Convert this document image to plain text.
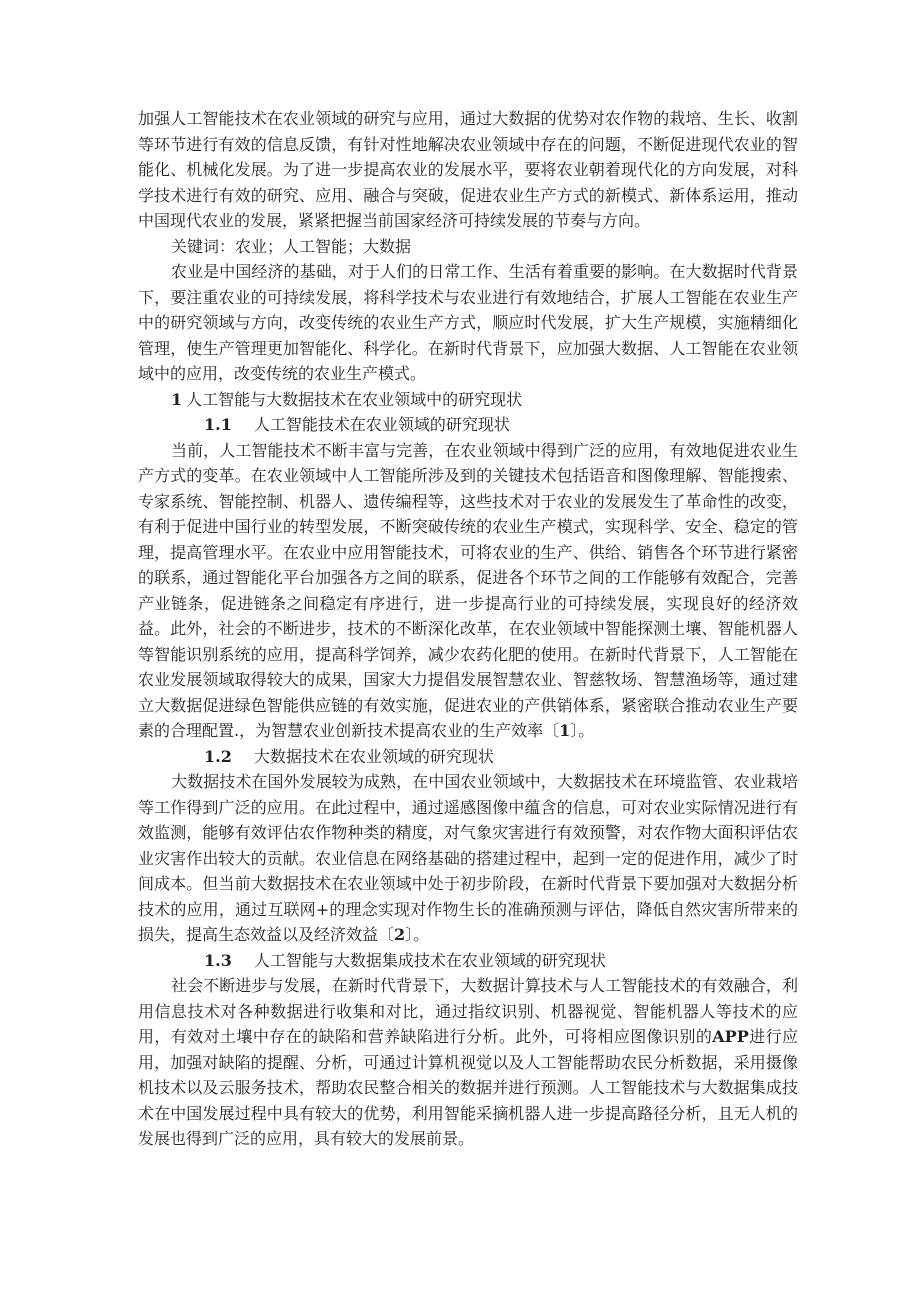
加强人工智能技术在农业领域的研究与应用，通过大数据的优势对农作物的栽培、生长、收割等环节进行有效的信息反馈，有针对性地解决农业领域中存在的问题，不断促进现代农业的智能化、机械化发展。为了进一步提高农业的发展水平，要将农业朝着现代化的方向发展，对科学技术进行有效的研究、应用、融合与突破，促进农业生产方式的新模式、新体系运用，推动中国现代农业的发展，紧紧把握当前国家经济可持续发展的节奏与方向。

关键词：农业；人工智能；大数据

农业是中国经济的基础，对于人们的日常工作、生活有着重要的影响。在大数据时代背景下，要注重农业的可持续发展，将科学技术与农业进行有效地结合，扩展人工智能在农业生产中的研究领域与方向，改变传统的农业生产方式，顺应时代发展，扩大生产规模，实施精细化管理，使生产管理更加智能化、科学化。在新时代背景下，应加强大数据、人工智能在农业领域中的应用，改变传统的农业生产模式。

1 人工智能与大数据技术在农业领域中的研究现状

1.1 人工智能技术在农业领域的研究现状

当前，人工智能技术不断丰富与完善，在农业领域中得到广泛的应用，有效地促进农业生产方式的变革。在农业领域中人工智能所涉及到的关键技术包括语音和图像理解、智能搜索、专家系统、智能控制、机器人、遗传编程等，这些技术对于农业的发展发生了革命性的改变，有利于促进中国行业的转型发展，不断突破传统的农业生产模式，实现科学、安全、稳定的管理，提高管理水平。在农业中应用智能技术，可将农业的生产、供给、销售各个环节进行紧密的联系，通过智能化平台加强各方之间的联系，促进各个环节之间的工作能够有效配合，完善产业链条，促进链条之间稳定有序进行，进一步提高行业的可持续发展，实现良好的经济效益。此外，社会的不断进步，技术的不断深化改革，在农业领域中智能探测土壤、智能机器人等智能识别系统的应用，提高科学饲养，减少农药化肥的使用。在新时代背景下，人工智能在农业发展领域取得较大的成果，国家大力提倡发展智慧农业、智慈牧场、智慧渔场等，通过建立大数据促进绿色智能供应链的有效实施，促进农业的产供销体系，紧密联合推动农业生产要素的合理配置.，为智慧农业创新技术提高农业的生产效率〔1〕。

1.2 大数据技术在农业领域的研究现状

大数据技术在国外发展较为成熟，在中国农业领域中，大数据技术在环境监管、农业栽培等工作得到广泛的应用。在此过程中，通过遥感图像中蕴含的信息，可对农业实际情况进行有效监测，能够有效评估农作物种类的精度，对气象灾害进行有效预警，对农作物大面积评估农业灾害作出较大的贡献。农业信息在网络基础的搭建过程中，起到一定的促进作用，减少了时间成本。但当前大数据技术在农业领域中处于初步阶段，在新时代背景下要加强对大数据分析技术的应用，通过互联网+的理念实现对作物生长的准确预测与评估，降低自然灾害所带来的损失，提高生态效益以及经济效益〔2〕。

1.3 人工智能与大数据集成技术在农业领域的研究现状

社会不断进步与发展，在新时代背景下，大数据计算技术与人工智能技术的有效融合，利用信息技术对各种数据进行收集和对比，通过指纹识别、机器视觉、智能机器人等技术的应用，有效对土壤中存在的缺陷和营养缺陷进行分析。此外，可将相应图像识别的APP进行应用，加强对缺陷的提醒、分析，可通过计算机视觉以及人工智能帮助农民分析数据，采用摄像机技术以及云服务技术，帮助农民整合相关的数据并进行预测。人工智能技术与大数据集成技术在中国发展过程中具有较大的优势，利用智能采摘机器人进一步提高路径分析，且无人机的发展也得到广泛的应用，具有较大的发展前景。
